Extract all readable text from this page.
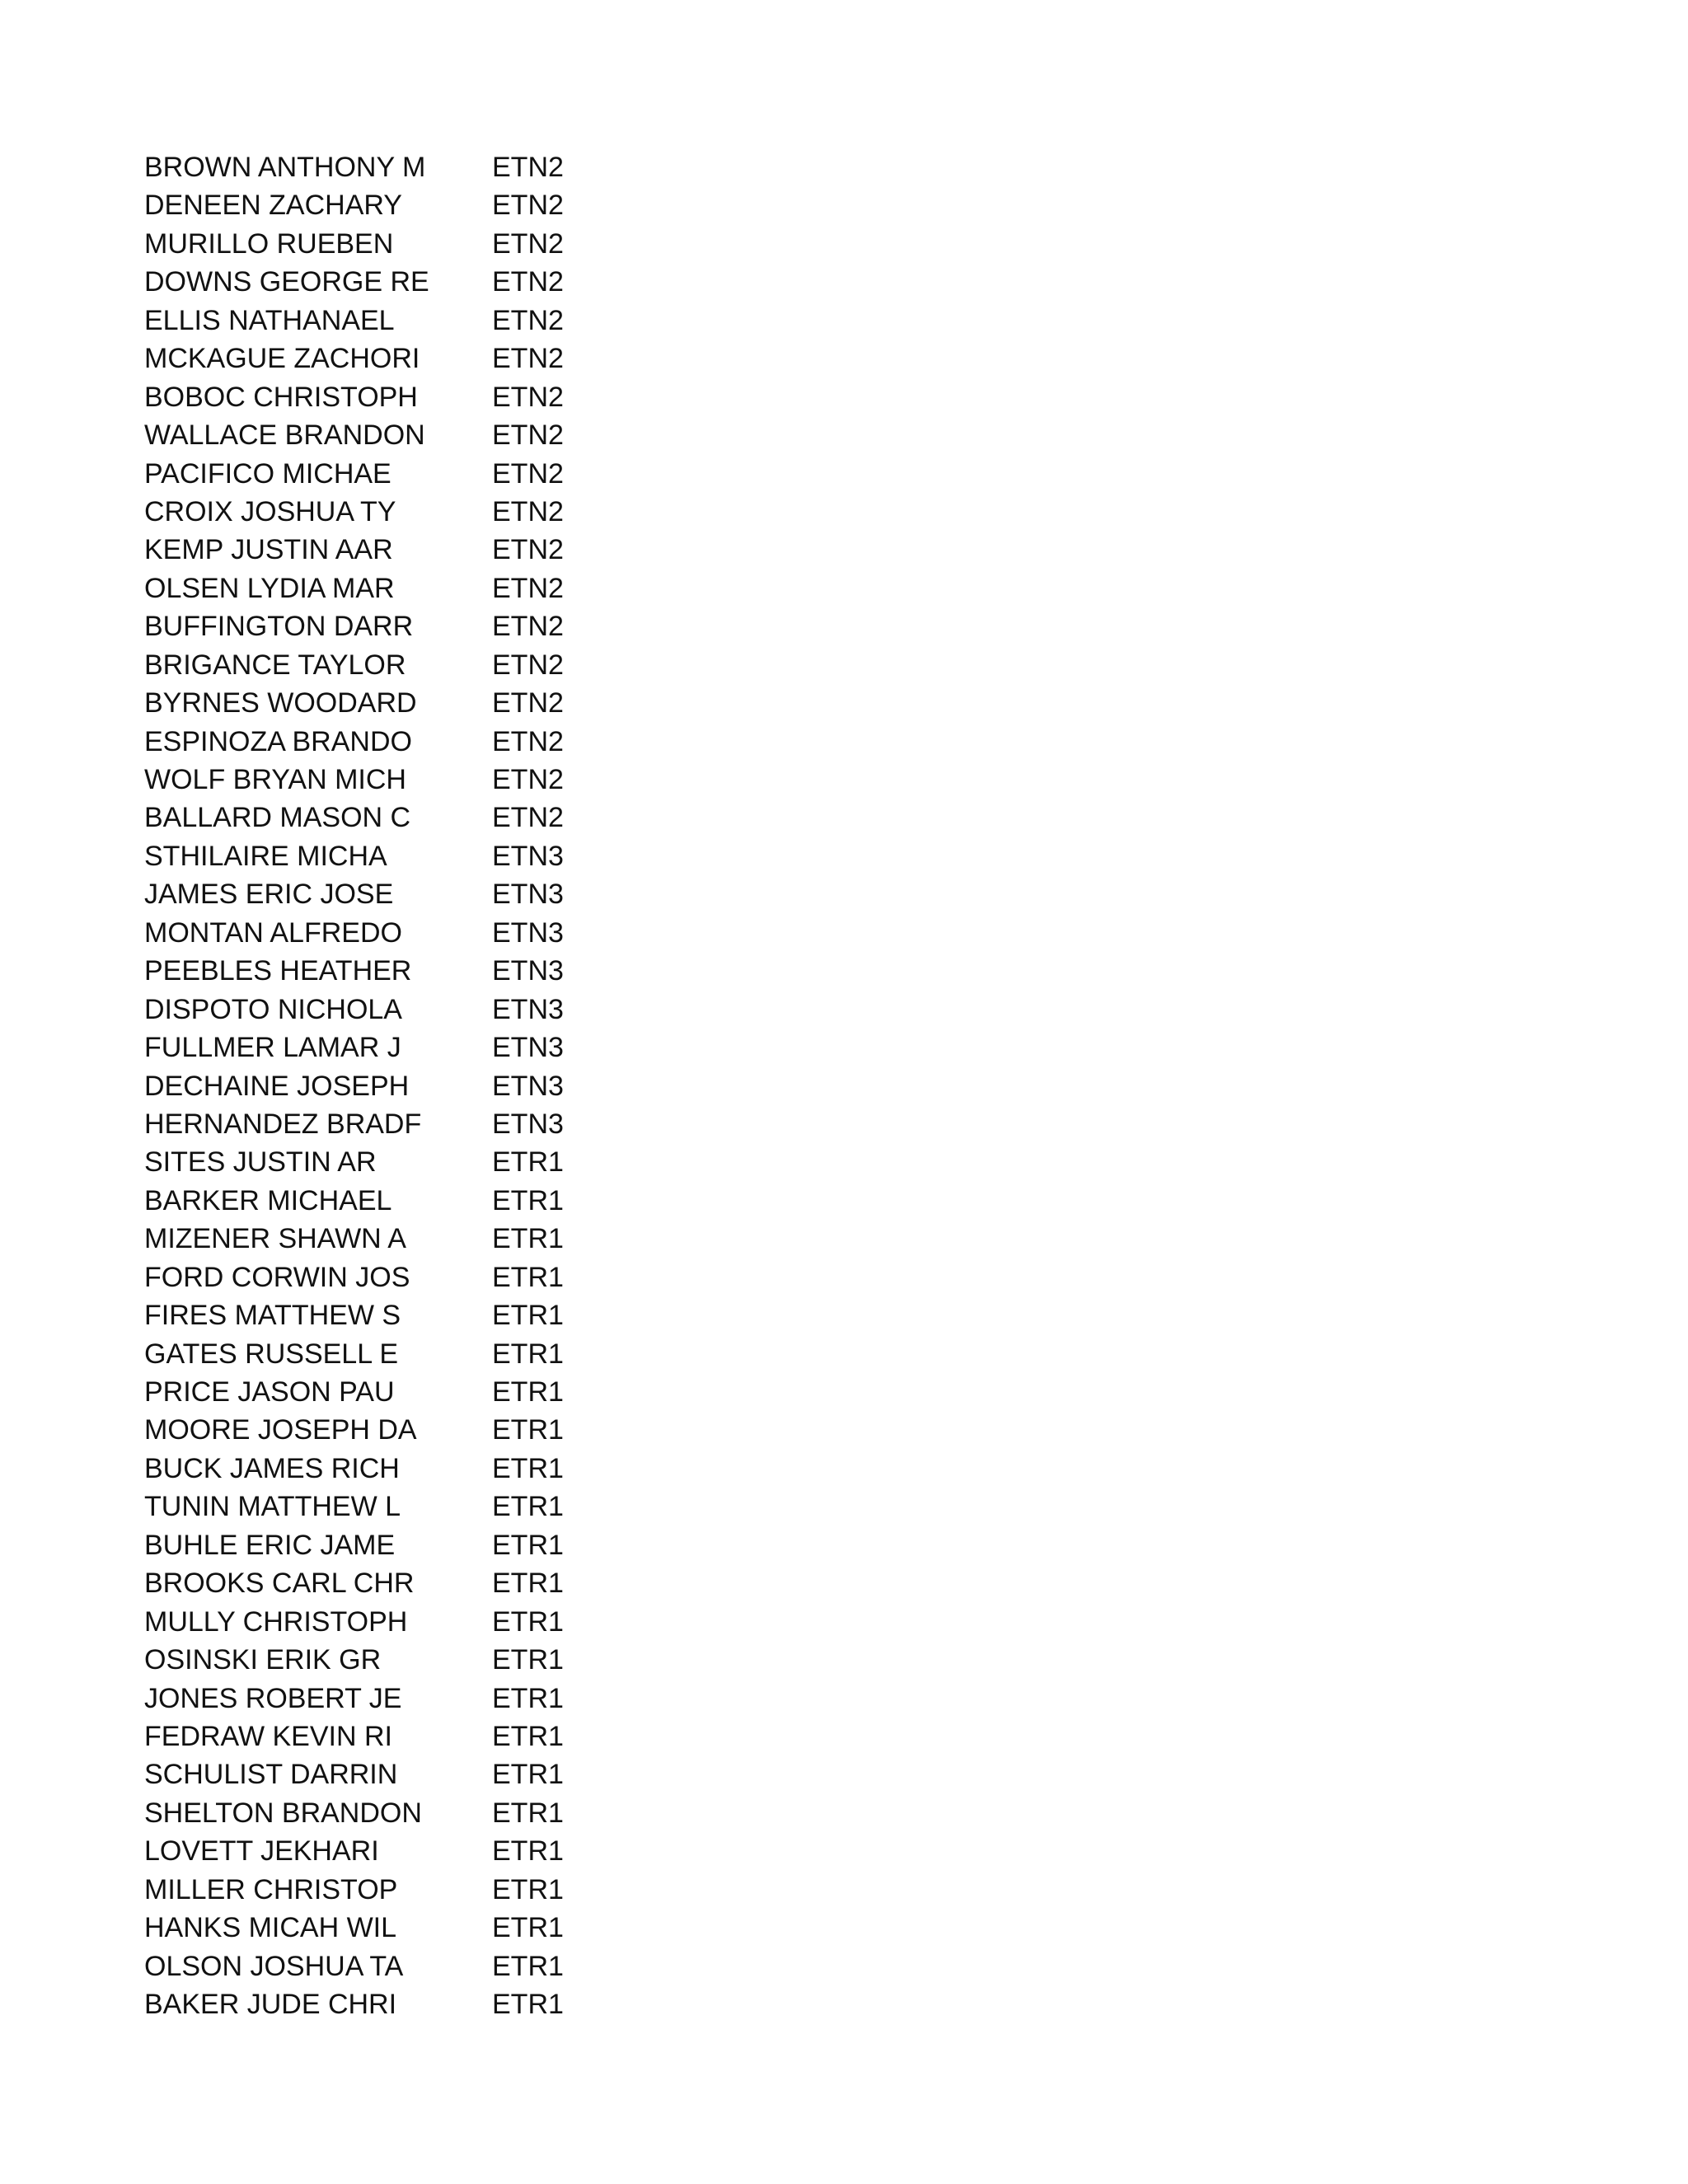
BROWN ANTHONY M ETN2
DENEEN ZACHARY	ETN2
MURILLO RUEBEN	ETN2
DOWNS GEORGE RE ETN2
ELLIS NATHANAEL	ETN2
MCKAGUE ZACHORI	ETN2
BOBOC CHRISTOPH	ETN2
WALLACE BRANDON ETN2
PACIFICO MICHAE	ETN2
CROIX JOSHUA TY	ETN2
KEMP JUSTIN AAR	ETN2
OLSEN LYDIA MAR	ETN2
BUFFINGTON DARR	ETN2
BRIGANCE TAYLOR	ETN2
BYRNES WOODARD	ETN2
ESPINOZA BRANDO	ETN2
WOLF BRYAN MICH	ETN2
BALLARD MASON C	ETN2
STHILAIRE MICHA	ETN3
JAMES ERIC JOSE	ETN3
MONTAN ALFREDO	ETN3
PEEBLES HEATHER	ETN3
DISPOTO NICHOLA	ETN3
FULLMER LAMAR J	ETN3
DECHAINE JOSEPH	ETN3
HERNANDEZ BRADF	ETN3
SITES JUSTIN AR	ETR1
BARKER MICHAEL	ETR1
MIZENER SHAWN A	ETR1
FORD CORWIN JOS	ETR1
FIRES MATTHEW S	ETR1
GATES RUSSELL E	ETR1
PRICE JASON PAU	ETR1
MOORE JOSEPH DA	ETR1
BUCK JAMES RICH	ETR1
TUNIN MATTHEW L	ETR1
BUHLE ERIC JAME	ETR1
BROOKS CARL CHR	ETR1
MULLY CHRISTOPH	ETR1
OSINSKI ERIK GR	ETR1
JONES ROBERT JE	ETR1
FEDRAW KEVIN RI	ETR1
SCHULIST DARRIN	ETR1
SHELTON BRANDON	ETR1
LOVETT JEKHARI	ETR1
MILLER CHRISTOP	ETR1
HANKS MICAH WIL	ETR1
OLSON JOSHUA TA	ETR1
BAKER JUDE CHRI	ETR1
